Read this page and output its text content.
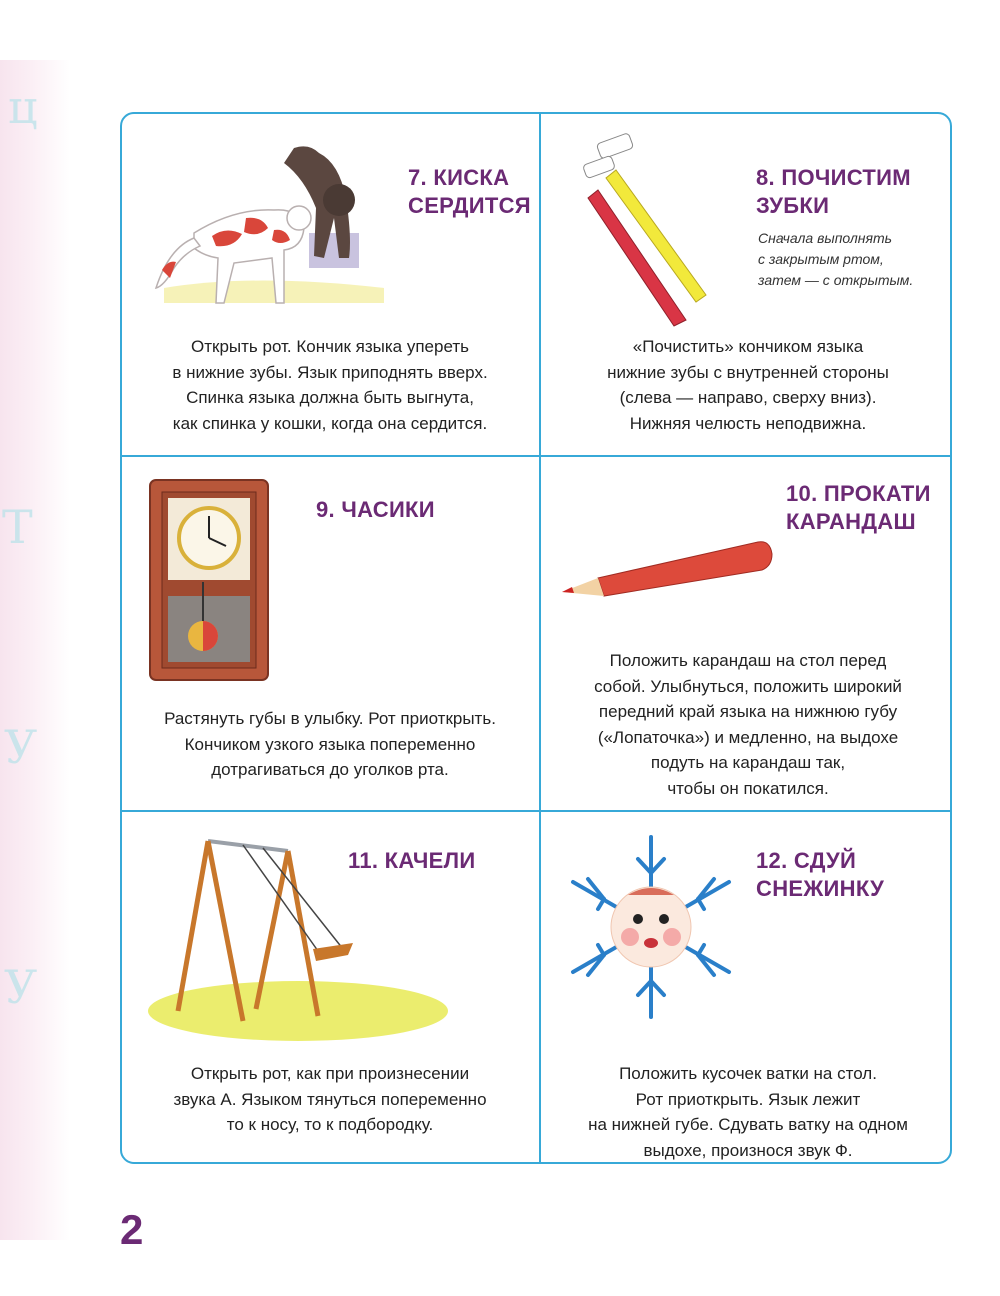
ц
Т
У
У
7. КИСКА
СЕРДИТСЯ
Открыть рот. Кончик языка упереть
в нижние зубы. Язык приподнять вверх.
Спинка языка должна быть выгнута,
как спинка у кошки, когда она сердится.
8. ПОЧИСТИМ
ЗУБКИ
Сначала выполнять
с закрытым ртом,
затем — с открытым.
«Почистить» кончиком языка
нижние зубы с внутренней стороны
(слева — направо, сверху вниз).
Нижняя челюсть неподвижна.
9. ЧАСИКИ
Растянуть губы в улыбку. Рот приоткрыть.
Кончиком узкого языка попеременно
дотрагиваться до уголков рта.
10. ПРОКАТИ
КАРАНДАШ
Положить карандаш на стол перед
собой. Улыбнуться, положить широкий
передний край языка на нижнюю губу
(«Лопаточка») и медленно, на выдохе
подуть на карандаш так,
чтобы он покатился.
11. КАЧЕЛИ
Открыть рот, как при произнесении
звука А. Языком тянуться попеременно
то к носу, то к подбородку.
12. СДУЙ
СНЕЖИНКУ
Положить кусочек ватки на стол.
Рот приоткрыть. Язык лежит
на нижней губе. Сдувать ватку на одном
выдохе, произнося звук Ф.
2
